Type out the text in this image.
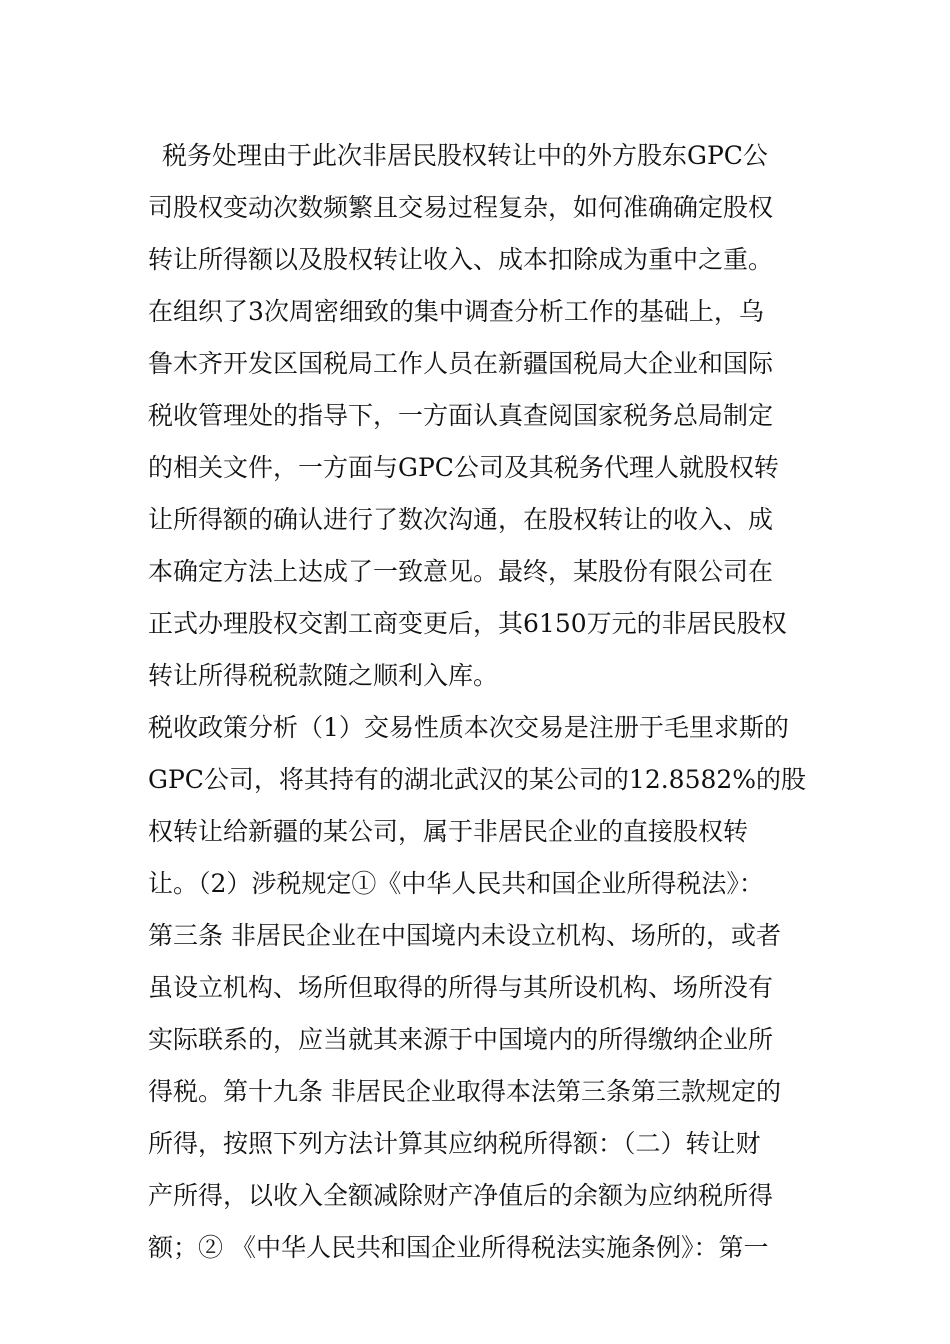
税务处理由于此次非居民股权转让中的外方股东GPC公
司股权变动次数频繁且交易过程复杂，如何准确确定股权
转让所得额以及股权转让收入、成本扣除成为重中之重。
在组织了3次周密细致的集中调查分析工作的基础上，乌
鲁木齐开发区国税局工作人员在新疆国税局大企业和国际
税收管理处的指导下，一方面认真查阅国家税务总局制定
的相关文件，一方面与GPC公司及其税务代理人就股权转
让所得额的确认进行了数次沟通，在股权转让的收入、成
本确定方法上达成了一致意见。最终，某股份有限公司在
正式办理股权交割工商变更后，其6150万元的非居民股权
转让所得税税款随之顺利入库。
税收政策分析（1）交易性质本次交易是注册于毛里求斯的
GPC公司，将其持有的湖北武汉的某公司的12.8582%的股
权转让给新疆的某公司，属于非居民企业的直接股权转
让。（2）涉税规定①《中华人民共和国企业所得税法》：
第三条 非居民企业在中国境内未设立机构、场所的，或者
虽设立机构、场所但取得的所得与其所设机构、场所没有
实际联系的，应当就其来源于中国境内的所得缴纳企业所
得税。第十九条 非居民企业取得本法第三条第三款规定的
所得，按照下列方法计算其应纳税所得额：（二）转让财
产所得，以收入全额减除财产净值后的余额为应纳税所得
额；② 《中华人民共和国企业所得税法实施条例》：第一
